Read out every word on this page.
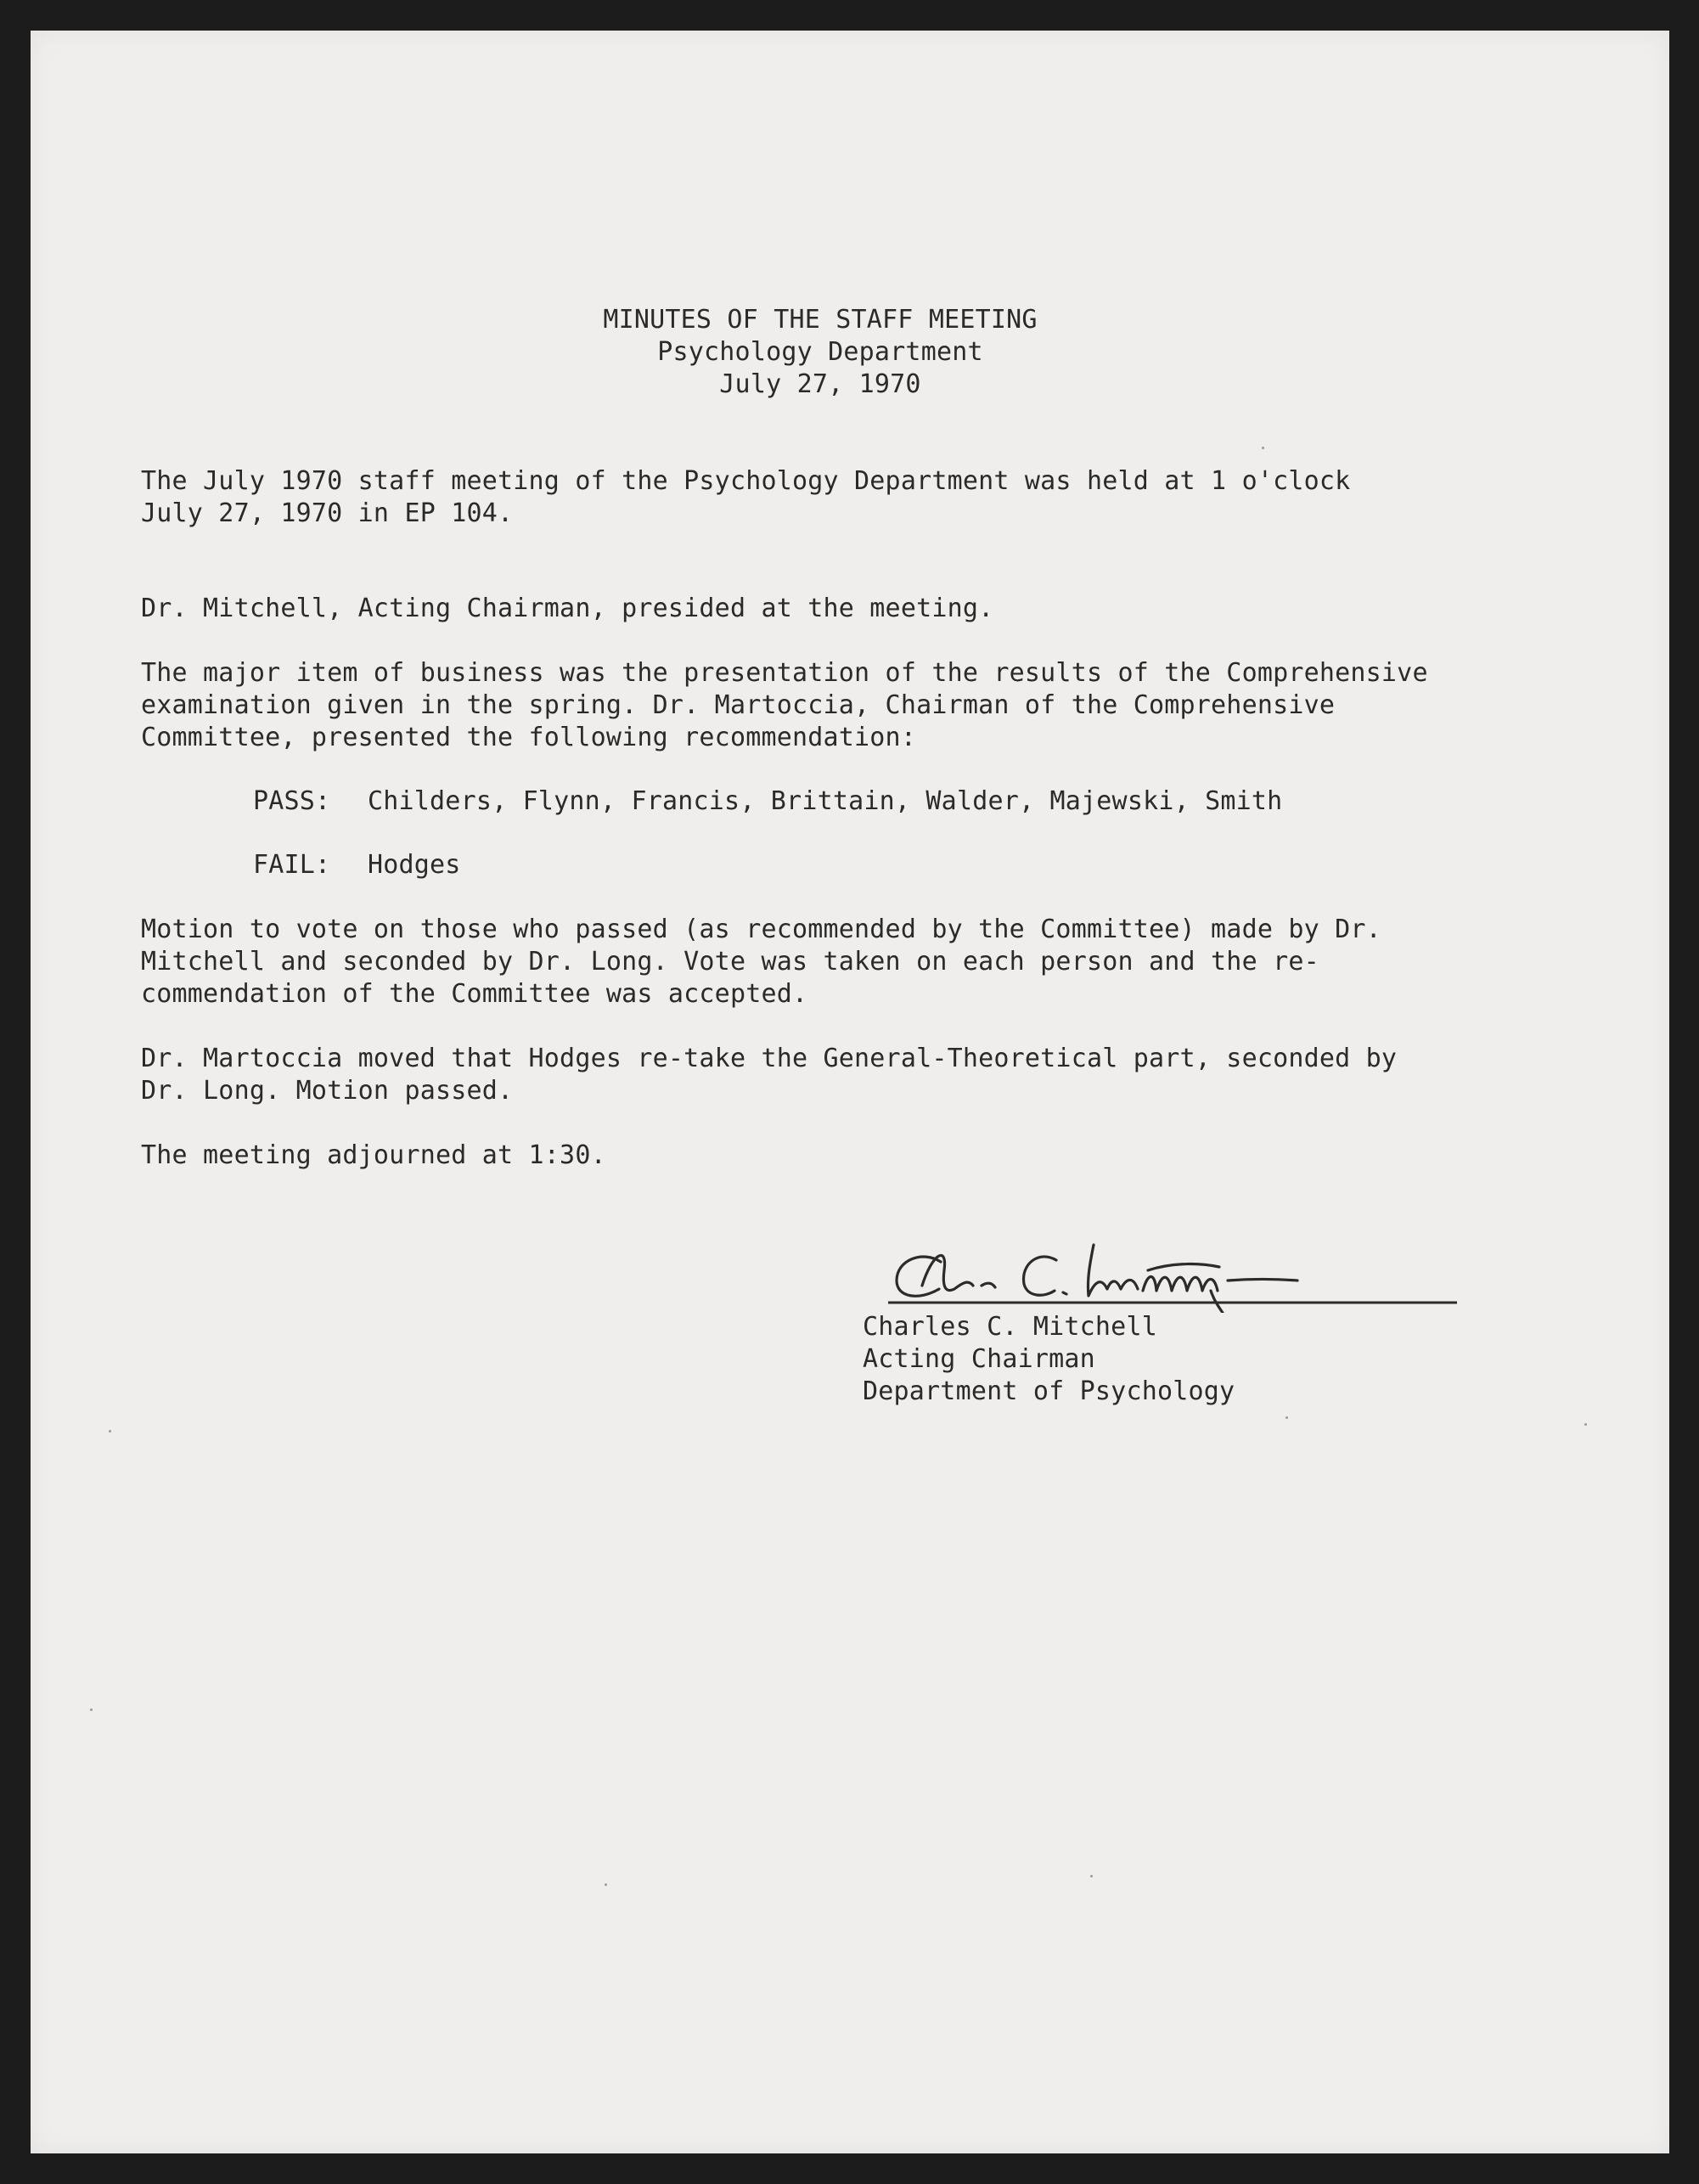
MINUTES OF THE STAFF MEETING
Psychology Department
July 27, 1970
The July 1970 staff meeting of the Psychology Department was held at 1 o'clock
July 27, 1970 in EP 104.
Dr. Mitchell, Acting Chairman, presided at the meeting.
The major item of business was the presentation of the results of the Comprehensive
examination given in the spring. Dr. Martoccia, Chairman of the Comprehensive
Committee, presented the following recommendation:
PASS: Childers, Flynn, Francis, Brittain, Walder, Majewski, Smith
FAIL: Hodges
Motion to vote on those who passed (as recommended by the Committee) made by Dr.
Mitchell and seconded by Dr. Long. Vote was taken on each person and the re-
commendation of the Committee was accepted.
Dr. Martoccia moved that Hodges re-take the General-Theoretical part, seconded by
Dr. Long. Motion passed.
The meeting adjourned at 1:30.
Charles C. Mitchell
Acting Chairman
Department of Psychology
